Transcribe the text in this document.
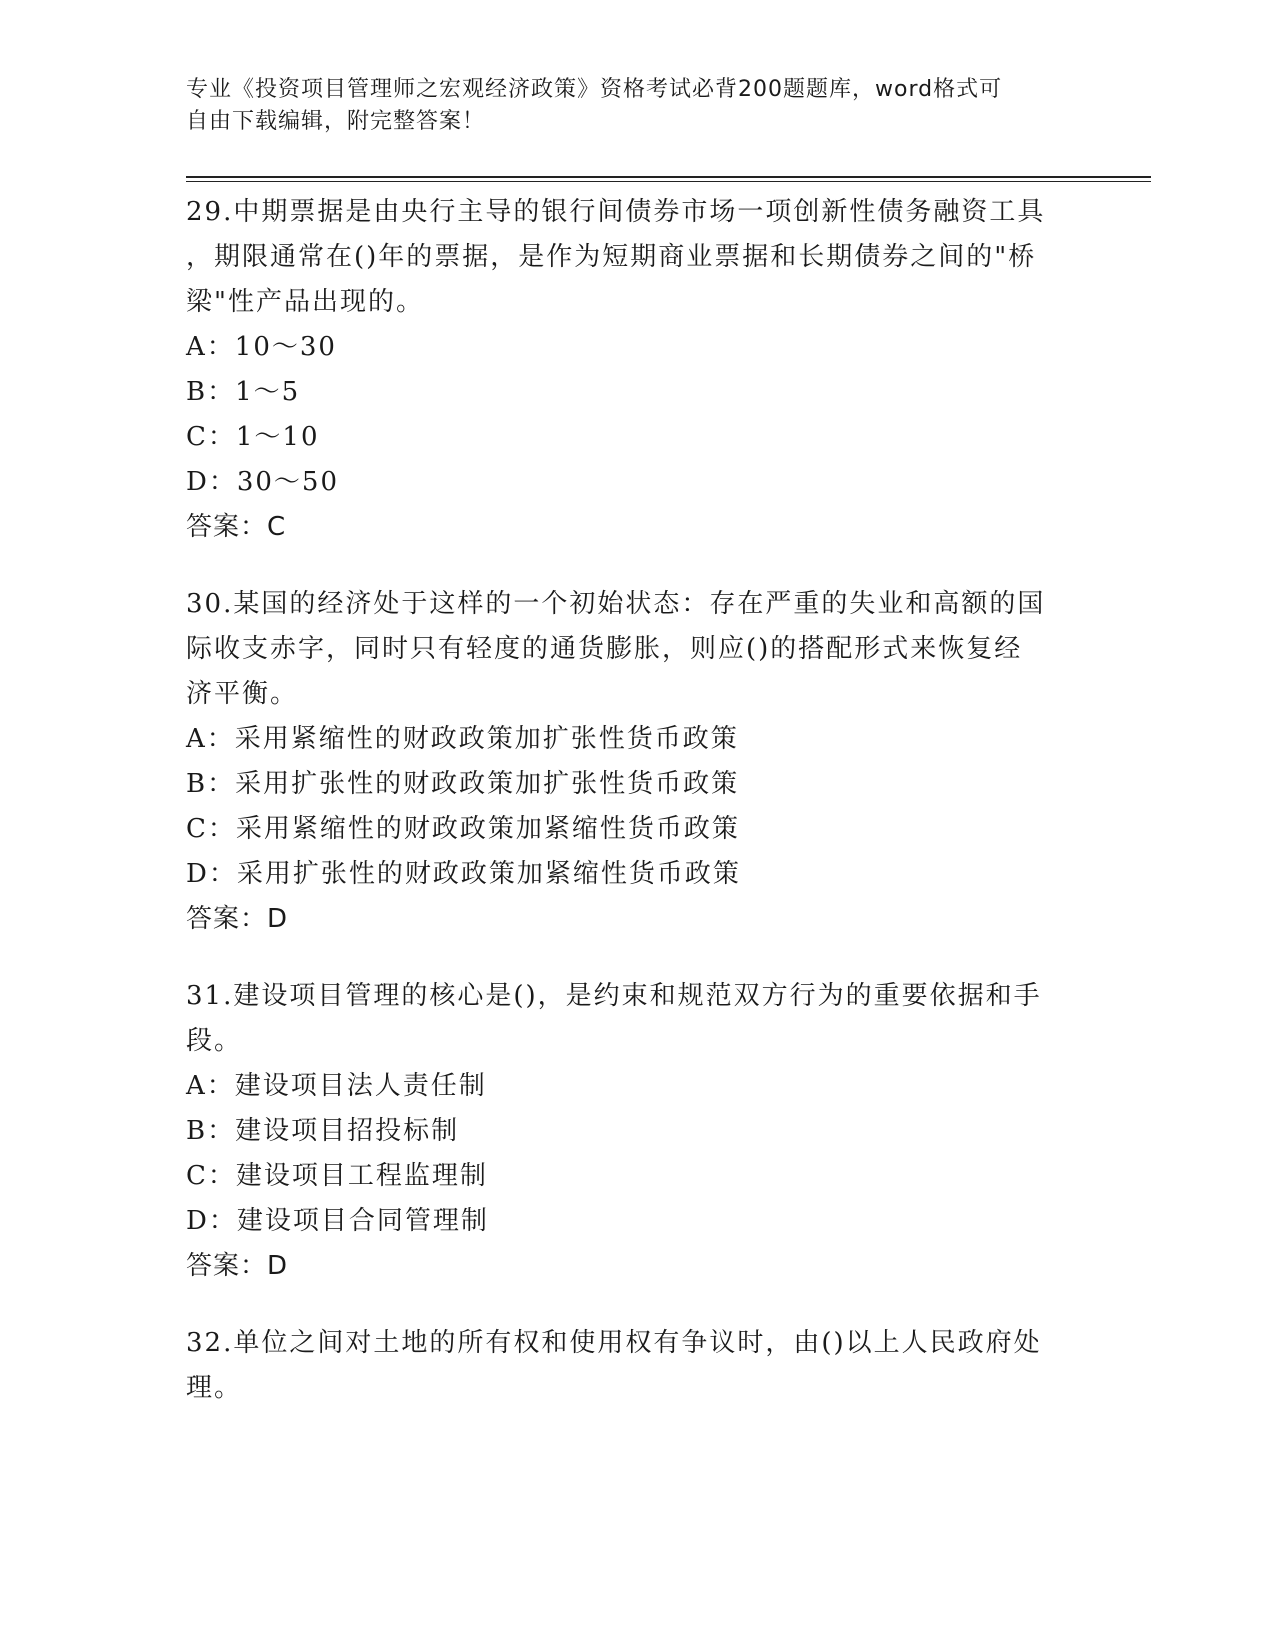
专业《投资项目管理师之宏观经济政策》资格考试必背200题题库，word格式可
自由下载编辑，附完整答案！
29.中期票据是由央行主导的银行间债券市场一项创新性债务融资工具
，期限通常在()年的票据，是作为短期商业票据和长期债券之间的"桥
梁"性产品出现的。
A：10～30
B：1～5
C：1～10
D：30～50
答案：C
30.某国的经济处于这样的一个初始状态：存在严重的失业和高额的国
际收支赤字，同时只有轻度的通货膨胀，则应()的搭配形式来恢复经
济平衡。
A：采用紧缩性的财政政策加扩张性货币政策
B：采用扩张性的财政政策加扩张性货币政策
C：采用紧缩性的财政政策加紧缩性货币政策
D：采用扩张性的财政政策加紧缩性货币政策
答案：D
31.建设项目管理的核心是()，是约束和规范双方行为的重要依据和手
段。
A：建设项目法人责任制
B：建设项目招投标制
C：建设项目工程监理制
D：建设项目合同管理制
答案：D
32.单位之间对土地的所有权和使用权有争议时，由()以上人民政府处
理。
